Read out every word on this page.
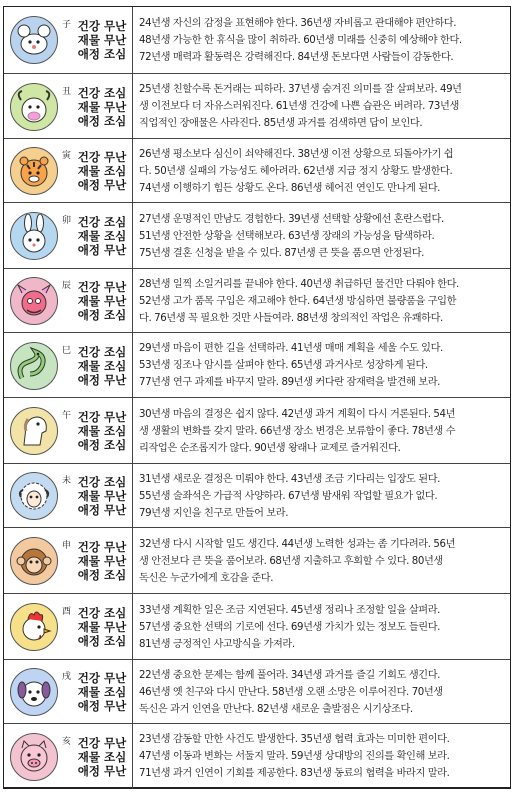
子 건강 무난
재물 무난
애정 조심

24년생 자신의 감정을 표현해야 한다. 36년생 자비롭고 관대해야 편안하다.

48년생 가능한 한 휴식을 많이 취하라. 60년생 미래를 신중히 예상해야 한다.

72년생 매력과 활동력은 강력해진다. 84년생 돈보다면 사람들이 감동한다.

丑 건강 조심
재물 무난
애정 조심

25년생 친할수록 돈거래는 피하라. 37년생 숨겨진 의미를 잘 살펴보라. 49년

생 이전보다 더 자유스러워진다. 61년생 건강에 나쁜 습관은 버려라. 73년생

직업적인 장애물은 사라진다. 85년생 과거를 검색하면 답이 보인다.

寅 건강 무난
재물 조심
애정 무난

26년생 평소보다 심신이 쇠약해진다. 38년생 이전 상황으로 되돌아가기 쉽

다. 50년생 실패의 가능성도 헤아려라. 62년생 지급 정지 상황도 발생한다.

74년생 이행하기 힘든 상황도 온다. 86년생 헤어진 연인도 만나게 된다.

卯 건강 조심
재물 조심
애정 무난

27년생 운명적인 만남도 경험한다. 39년생 선택할 상황에선 혼란스럽다.

51년생 안전한 상황을 선택해보라. 63년생 장래의 가능성을 탐색하라.

75년생 결혼 신청을 받을 수 있다. 87년생 큰 뜻을 품으면 안정된다.

辰 건강 무난
재물 무난
애정 조심

28년생 일찍 소일거리를 끝내야 한다. 40년생 취급하던 물건만 다뤄야 한다.

52년생 고가 품목 구입은 재고해야 한다. 64년생 방심하면 불량품을 구입한

다. 76년생 꼭 필요한 것만 사들여라. 88년생 창의적인 작업은 유쾌하다.

巳 건강 조심
재물 조심
애정 무난

29년생 마음이 편한 길을 선택하라. 41년생 매매 계획을 세울 수도 있다.

53년생 징조나 암시를 살펴야 한다. 65년생 과거사로 성장하게 된다.

77년생 연구 과제를 바꾸지 말라. 89년생 커다란 잠재력을 발견해 보라.

午 건강 무난
재물 조심
애정 조심

30년생 마음의 결정은 쉽지 않다. 42년생 과거 계획이 다시 거론된다. 54년

생 생활의 변화를 갖지 말라. 66년생 장소 변경은 보류함이 좋다. 78년생 수

리작업은 순조롭지가 않다. 90년생 왕래나 교제로 즐거워진다.

未 건강 조심
재물 무난
애정 무난

31년생 새로운 결정은 미뤄야 한다. 43년생 조금 기다리는 입장도 된다.

55년생 술좌석은 가급적 사양하라. 67년생 밤새워 작업할 필요가 없다.

79년생 지인을 친구로 만들어 보라.

申 건강 무난
재물 무난
애정 조심

32년생 다시 시작할 일도 생긴다. 44년생 노력한 성과는 좀 기다려라. 56년

생 안전보다 큰 뜻을 품어보라. 68년생 지출하고 후회할 수 있다. 80년생

독신은 누군가에게 호감을 준다.

酉 건강 조심
재물 무난
애정 조심

33년생 계획한 일은 조금 지연된다. 45년생 정리나 조정할 일을 살펴라.

57년생 중요한 선택의 기로에 선다. 69년생 가치가 있는 정보도 들린다.

81년생 긍정적인 사고방식을 가져라.

戌 건강 무난
재물 조심
애정 무난

22년생 중요한 문제는 함께 풀어라. 34년생 과거를 즐길 기회도 생긴다.

46년생 옛 친구와 다시 만난다. 58년생 오랜 소망은 이루어진다. 70년생

독신은 과거 인연을 만난다. 82년생 새로운 출발점은 시기상조다.

亥 건강 무난
재물 조심
애정 무난

23년생 감동할 만한 사건도 발생한다. 35년생 협력 효과는 미미한 편이다.

47년생 이동과 변화는 서둘지 말라. 59년생 상대방의 진의를 확인해 보라.

71년생 과거 인연이 기회를 제공한다. 83년생 동료의 협력을 바라지 말라.
